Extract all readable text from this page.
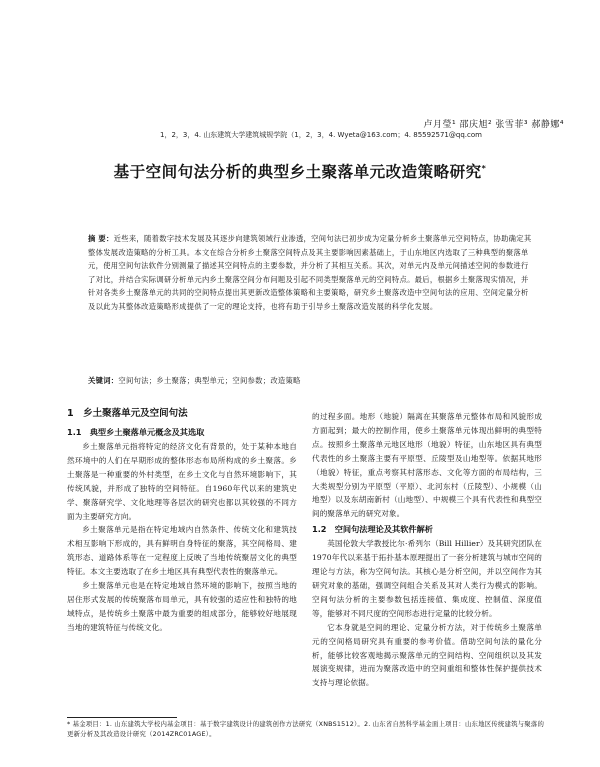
卢月瑩¹ 邵庆旭² 张雪菲³ 郝静娜⁴
1，2，3，4. 山东建筑大学建筑城规学院（1，2，3，4. Wyeta@163.com；4. 85592571@qq.com
基于空间句法分析的典型乡土聚落单元改造策略研究*
摘 要：近些来，随着数字技术发展及其逐步向建筑领域行业渗透，空间句法已初步成为定量分析乡土聚落单元空间特点，协助确定其整体发展改造策略的分析工具。本文在综合分析乡土聚落空间特点及其主要影响因素基础上，于山东地区内选取了三种典型的聚落单元，使用空间句法软件分别测量了描述其空间特点的主要参数，并分析了其相互关系。其次，对单元内及单元间描述空间的参数进行了对比，并结合实际调研分析单元内乡土聚落空间分布问题及引起不同类型聚落单元的空间特点。最后，根据乡土聚落现实情况，并针对各类乡土聚落单元的共同的空间特点提出其更新改造整体策略和主要策略，研究乡土聚落改造中空间句法的应用、空间定量分析及以此为其整体改造策略形成提供了一定的理论支持，也将有助于引导乡土聚落改造发展的科学化发展。
关键词：空间句法；乡土聚落；典型单元；空间参数；改造策略
1　乡土聚落单元及空间句法
1.1　典型乡土聚落单元概念及其选取

乡土聚落单元指将特定的经济文化有背景的，处于某种本地自然环境中的人们在早期形成的整体形态布局所构成的乡土聚落。乡土聚落是一种重要的外村类型，在乡土文化与自然环境影响下，其传统风貌，并形成了独特的空间特征。自1960年代以来的建筑史学、聚落研究学、文化地理等各层次的研究也都以其较强的不同方面为主要研究方向。

乡土聚落单元是指在特定地域内自然条件、传统文化和建筑技术相互影响下形成的，具有鲜明自身特征的聚落，其空间格局、建筑形态、道路体系等在一定程度上反映了当地传统聚居文化的典型特征。本文主要选取了在乡土地区具有典型代表性的聚落单元。

乡土聚落单元也是在特定地域自然环境的影响下，按照当地的居住形式发展的传统聚落布局单元，具有较强的适应性和独特的地域特点，是传统乡土聚落中最为重要的组成部分，能够较好地展现当地的建筑特征与传统文化。

的过程多面。地形（地貌）隔离在其聚落单元整体布局和风貌形成方面起到；最大的控制作用，使乡土聚落单元体现出鲜明的典型特点。按照乡土聚落单元地区地形（地貌）特征，山东地区具有典型代表性的乡土聚落主要有平原型、丘陵型及山地型等。依据其地形（地貌）特征，重点考察其村落形态、文化等方面的布局结构，三大类规型分别为平原型（平原）、北河东村（丘陵型）、小规模（山地型）以及东胡南新村（山地型）、中规模三个具有代表性和典型空间的聚落单元的研究对象。

1.2　空间句法理论及其软件解析

英国伦敦大学教授比尔·希列尔（Bill Hillier）及其研究团队在1970年代以来基于拓扑基本原理提出了一套分析建筑与城市空间的理论与方法，称为空间句法。其核心是分析空间，并以空间作为其研究对象的基础，强调空间组合关系及其对人类行为模式的影响。空间句法分析的主要参数包括连接值、集成度、控制值、深度值等，能够对不同尺度的空间形态进行定量的比较分析。

它本身就是空间的理论、定量分析方法，对于传统乡土聚落单元的空间格局研究具有重要的参考价值。借助空间句法的量化分析，能够比较客观地揭示聚落单元的空间结构、空间组织以及其发展演变规律，进而为聚落改造中的空间重组和整体性保护提供技术支持与理论依据。

* 基金项目：1. 山东建筑大学校内基金项目：基于数字建筑设计的建筑创作方法研究（XNBS1512）。2. 山东省自然科学基金面上项目：山东地区传统建筑与聚落的更新分析及其改造设计研究（2014ZRC01AGE）。
